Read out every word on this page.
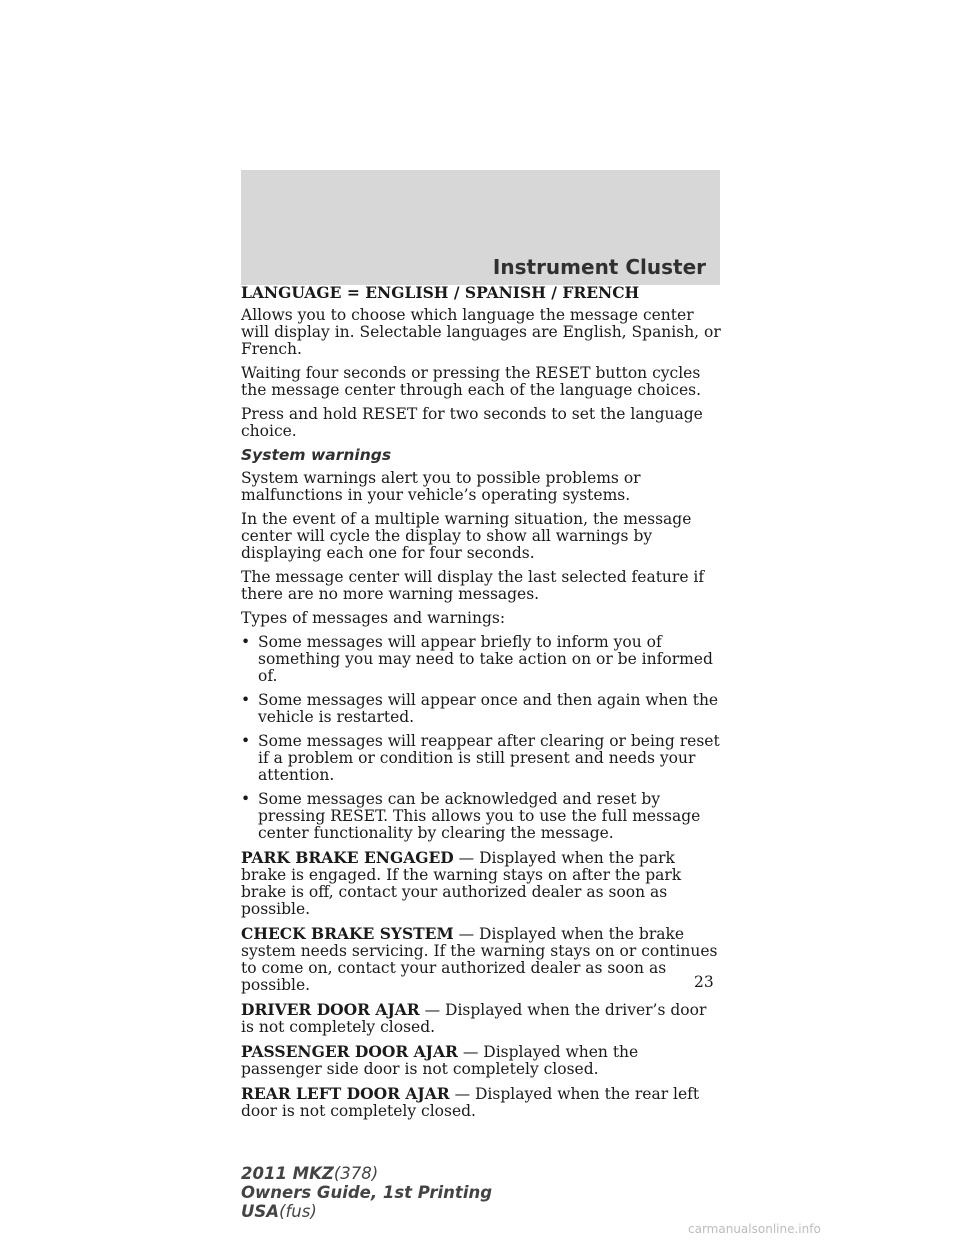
Instrument Cluster

LANGUAGE = ENGLISH / SPANISH / FRENCH

Allows you to choose which language the message center will display in. Selectable languages are English, Spanish, or French.

Waiting four seconds or pressing the RESET button cycles the message center through each of the language choices.

Press and hold RESET for two seconds to set the language choice.

System warnings

System warnings alert you to possible problems or malfunctions in your vehicle’s operating systems.

In the event of a multiple warning situation, the message center will cycle the display to show all warnings by displaying each one for four seconds.

The message center will display the last selected feature if there are no more warning messages.

Types of messages and warnings:

• Some messages will appear briefly to inform you of something you may need to take action on or be informed of.
• Some messages will appear once and then again when the vehicle is restarted.
• Some messages will reappear after clearing or being reset if a problem or condition is still present and needs your attention.
• Some messages can be acknowledged and reset by pressing RESET. This allows you to use the full message center functionality by clearing the message.

PARK BRAKE ENGAGED — Displayed when the park brake is engaged. If the warning stays on after the park brake is off, contact your authorized dealer as soon as possible.

CHECK BRAKE SYSTEM — Displayed when the brake system needs servicing. If the warning stays on or continues to come on, contact your authorized dealer as soon as possible.

DRIVER DOOR AJAR — Displayed when the driver’s door is not completely closed.

PASSENGER DOOR AJAR — Displayed when the passenger side door is not completely closed.

REAR LEFT DOOR AJAR — Displayed when the rear left door is not completely closed.

23
2011 MKZ(378)
Owners Guide, 1st Printing
USA(fus)
carmanualsonline.info
